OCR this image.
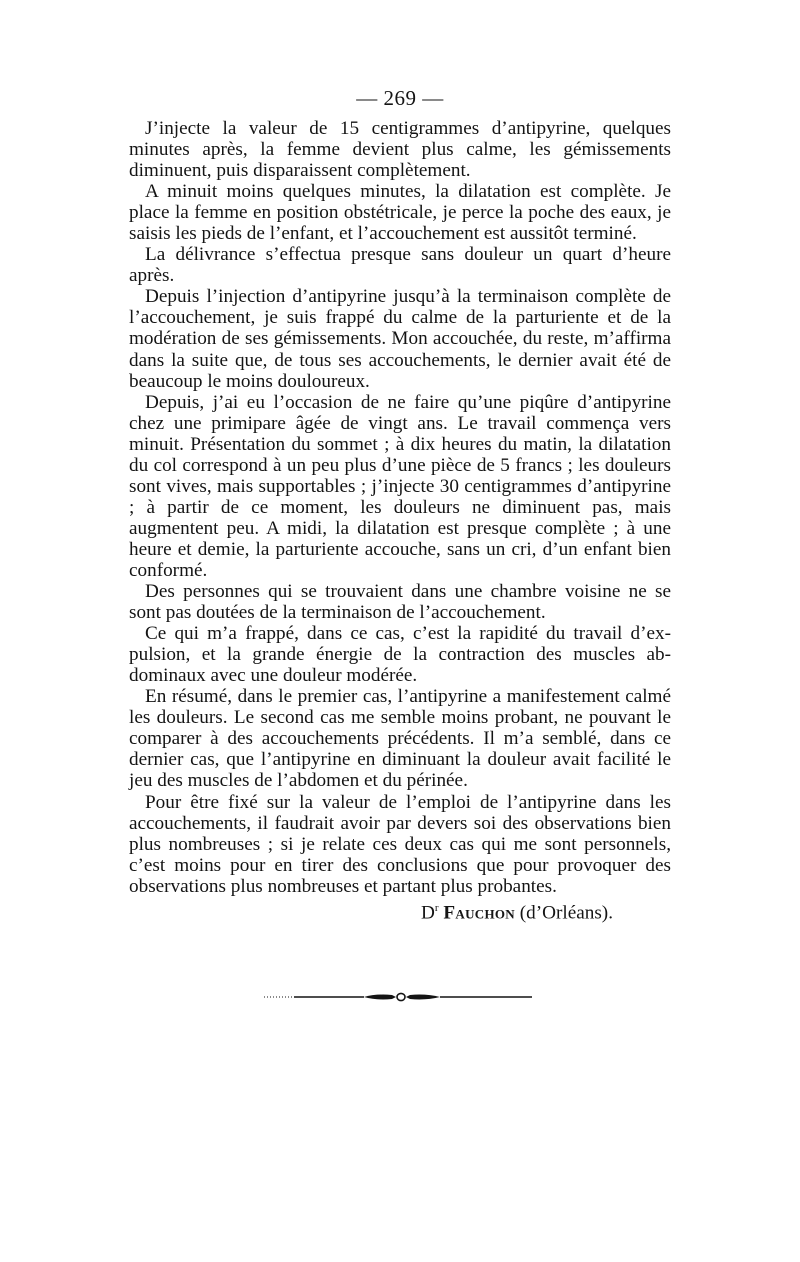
— 269 —

J’injecte la valeur de 15 centigrammes d’antipyrine, quelques minutes après, la femme devient plus calme, les gémissements diminuent, puis disparaissent complètement.

A minuit moins quelques minutes, la dilatation est complète. Je place la femme en position obstétricale, je perce la poche des eaux, je saisis les pieds de l’enfant, et l’accouchement est aussitôt terminé.

La délivrance s’effectua presque sans douleur un quart d’heure après.

Depuis l’injection d’antipyrine jusqu’à la terminaison complète de l’accouchement, je suis frappé du calme de la parturiente et de la modération de ses gémissements. Mon accouchée, du reste, m’affirma dans la suite que, de tous ses accouchements, le dernier avait été de beaucoup le moins douloureux.

Depuis, j’ai eu l’occasion de ne faire qu’une piqûre d’antipyrine chez une primipare âgée de vingt ans. Le travail commença vers minuit. Présentation du sommet ; à dix heures du matin, la dilatation du col correspond à un peu plus d’une pièce de 5 francs ; les douleurs sont vives, mais supportables ; j’injecte 30 centigrammes d’antipyrine ; à partir de ce moment, les douleurs ne diminuent pas, mais augmentent peu. A midi, la dilatation est presque complète ; à une heure et demie, la parturiente accouche, sans un cri, d’un enfant bien conformé.

Des personnes qui se trouvaient dans une chambre voisine ne se sont pas doutées de la terminaison de l’accouchement.

Ce qui m’a frappé, dans ce cas, c’est la rapidité du travail d’expulsion, et la grande énergie de la contraction des muscles abdominaux avec une douleur modérée.

En résumé, dans le premier cas, l’antipyrine a manifestement calmé les douleurs. Le second cas me semble moins probant, ne pouvant le comparer à des accouchements précédents. Il m’a semblé, dans ce dernier cas, que l’antipyrine en diminuant la douleur avait facilité le jeu des muscles de l’abdomen et du périnée.

Pour être fixé sur la valeur de l’emploi de l’antipyrine dans les accouchements, il faudrait avoir par devers soi des observations bien plus nombreuses ; si je relate ces deux cas qui me sont personnels, c’est moins pour en tirer des conclusions que pour provoquer des observations plus nombreuses et partant plus probantes.

$D^r$ Fauchon (d’Orléans).
